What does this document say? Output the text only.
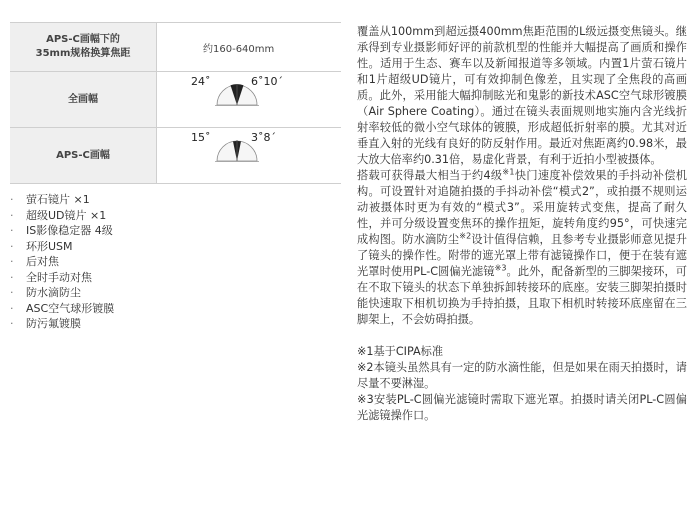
APS-C画幅下的
35mm规格换算焦距	约160-640mm
全画幅	24˚ 6˚10´

APS-C画幅	15˚ 3˚8´
· 萤石镜片 ×1
· 超级UD镜片 ×1
· IS影像稳定器 4级
· 环形USM
· 后对焦
· 全时手动对焦
· 防水滴防尘
· ASC空气球形镀膜
· 防污氟镀膜

覆盖从100mm到超远摄400mm焦距范围的L级远摄变焦镜头。继承得到专业摄影师好评的前款机型的性能并大幅提高了画质和操作性。适用于生态、赛车以及新闻报道等多领域。内置1片萤石镜片和1片超级UD镜片，可有效抑制色像差，且实现了全焦段的高画质。此外，采用能大幅抑制眩光和鬼影的新技术ASC空气球形镀膜（Air Sphere Coating）。通过在镜头表面规则地实施内含光线折射率较低的微小空气球体的镀膜，形成超低折射率的膜。尤其对近垂直入射的光线有良好的防反射作用。最近对焦距离约0.98米，最大放大倍率约0.31倍，易虚化背景，有利于近拍小型被摄体。

搭载可获得最大相当于约4级$^{※1}$快门速度补偿效果的手抖动补偿机构。可设置针对追随拍摄的手抖动补偿“模式2”，或拍摄不规则运动被摄体时更为有效的“模式3”。采用旋转式变焦，提高了耐久性，并可分级设置变焦环的操作扭矩，旋转角度约95°，可快速完成构图。防水滴防尘$^{※2}$设计值得信赖，且参考专业摄影师意见提升了镜头的操作性。附带的遮光罩上带有滤镜操作口，便于在装有遮光罩时使用PL-C圆偏光滤镜$^{※3}$。此外，配备新型的三脚架接环，可在不取下镜头的状态下单独拆卸转接环的底座。安装三脚架拍摄时能快速取下相机切换为手持拍摄，且取下相机时转接环底座留在三脚架上，不会妨碍拍摄。

※1基于CIPA标准

※2本镜头虽然具有一定的防水滴性能，但是如果在雨天拍摄时，请尽量不要淋湿。

※3安装PL-C圆偏光滤镜时需取下遮光罩。拍摄时请关闭PL-C圆偏光滤镜操作口。
